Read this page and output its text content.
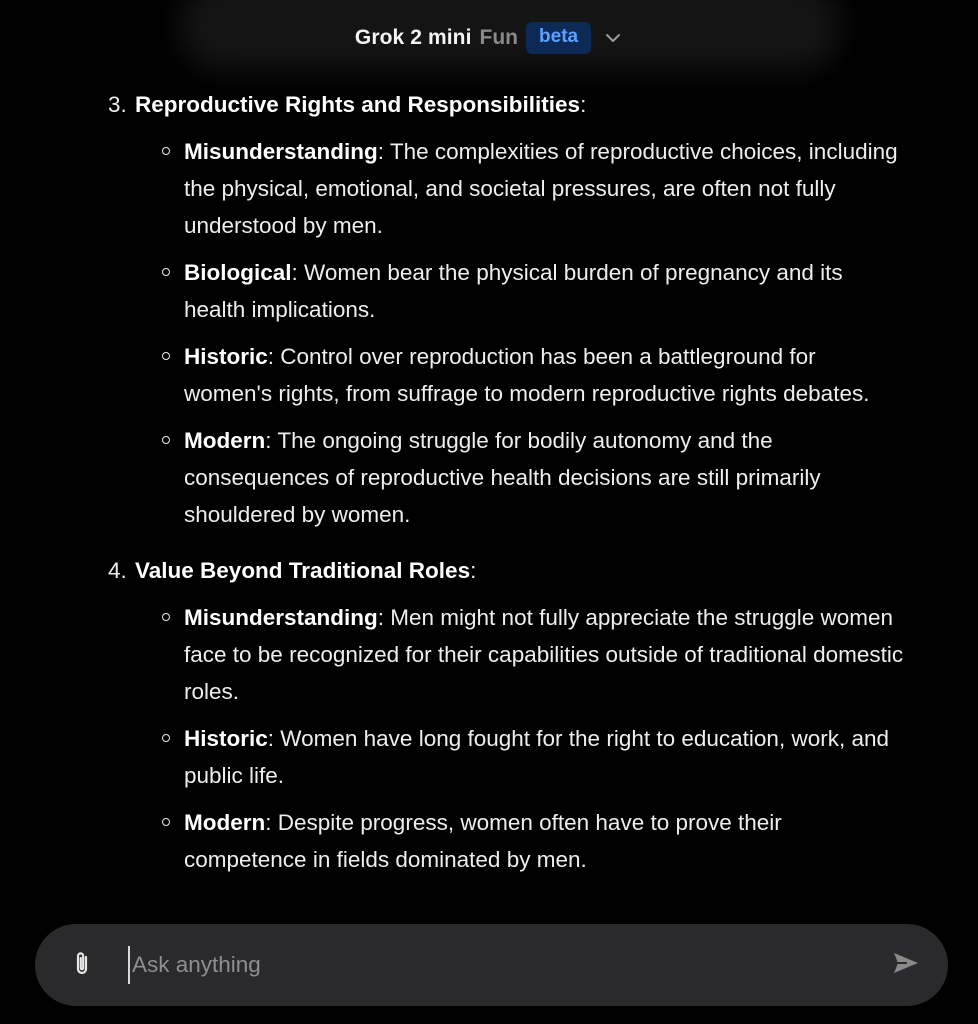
Grok 2 mini Fun	beta
3. Reproductive Rights and Responsibilities:
Misunderstanding: The complexities of reproductive choices, including the physical, emotional, and societal pressures, are often not fully understood by men.
Biological: Women bear the physical burden of pregnancy and its health implications.
Historic: Control over reproduction has been a battleground for women's rights, from suffrage to modern reproductive rights debates.
Modern: The ongoing struggle for bodily autonomy and the consequences of reproductive health decisions are still primarily shouldered by women.
4. Value Beyond Traditional Roles:
Misunderstanding: Men might not fully appreciate the struggle women face to be recognized for their capabilities outside of traditional domestic roles.
Historic: Women have long fought for the right to education, work, and public life.
Modern: Despite progress, women often have to prove their competence in fields dominated by men.
Ask anything
